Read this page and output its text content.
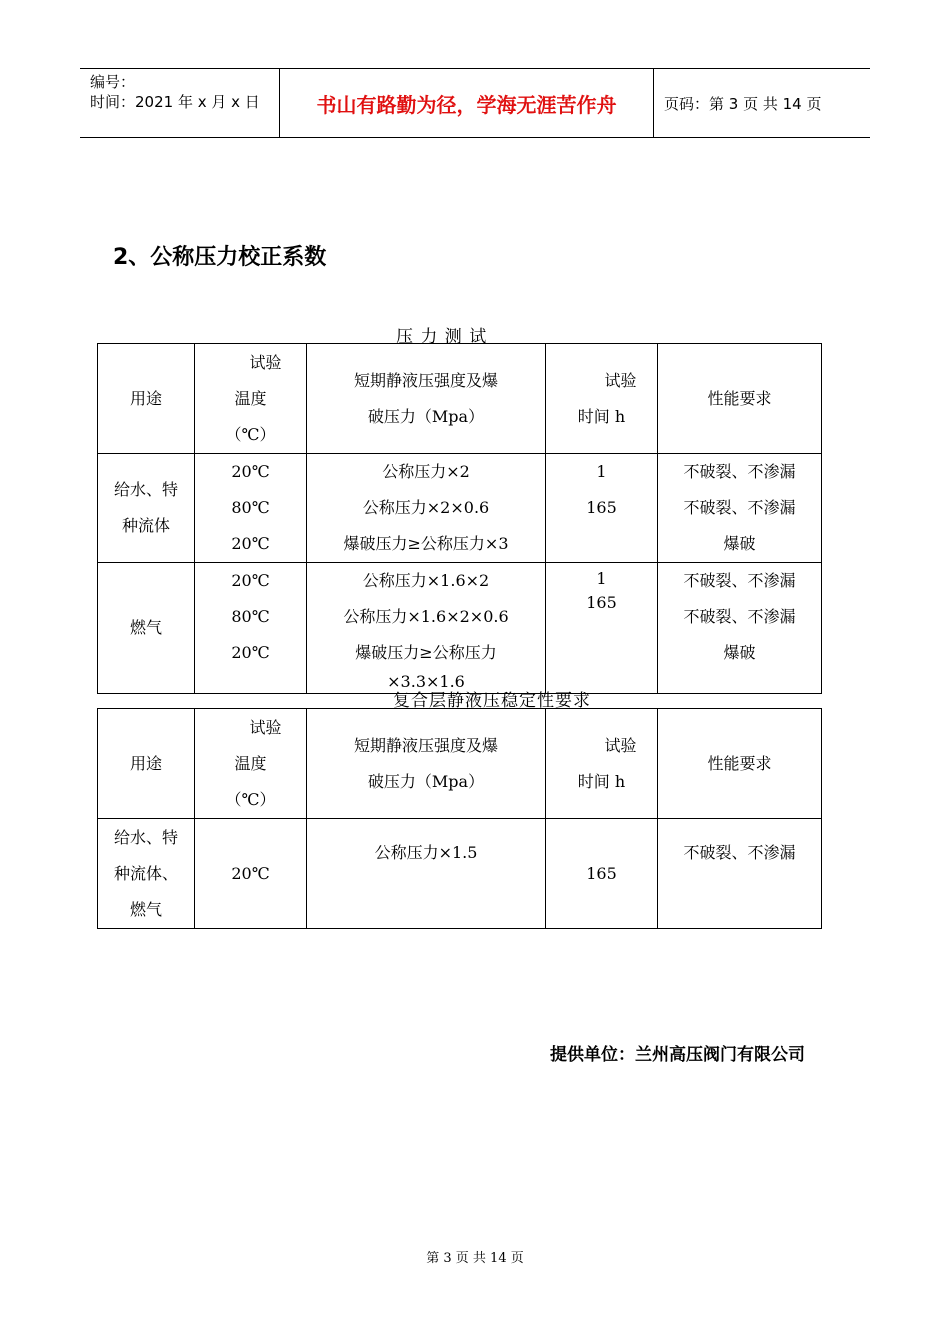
编号：
时间：2021 年 x 月 x 日	书山有路勤为径，学海无涯苦作舟	页码：第 3 页 共 14 页
2、公称压力校正系数
压 力 测 试
用途	试验
温度
（℃）	短期静液压强度及爆
破压力（Mpa）	试验
时间 h	性能要求

给水、特
种流体	20℃
80℃
20℃	公称压力×2
公称压力×2×0.6
爆破压力≥公称压力×3	1
165	不破裂、不渗漏
不破裂、不渗漏
爆破

燃气	20℃
80℃
20℃	公称压力×1.6×2
公称压力×1.6×2×0.6
爆破压力≥公称压力
×3.3×1.6	1
165	不破裂、不渗漏
不破裂、不渗漏
爆破
复合层静液压稳定性要求
用途	试验
温度
（℃）	短期静液压强度及爆
破压力（Mpa）	试验
时间 h	性能要求

给水、特
种流体、
燃气	20℃	公称压力×1.5	165	不破裂、不渗漏
提供单位：兰州高压阀门有限公司
第 3 页 共 14 页
